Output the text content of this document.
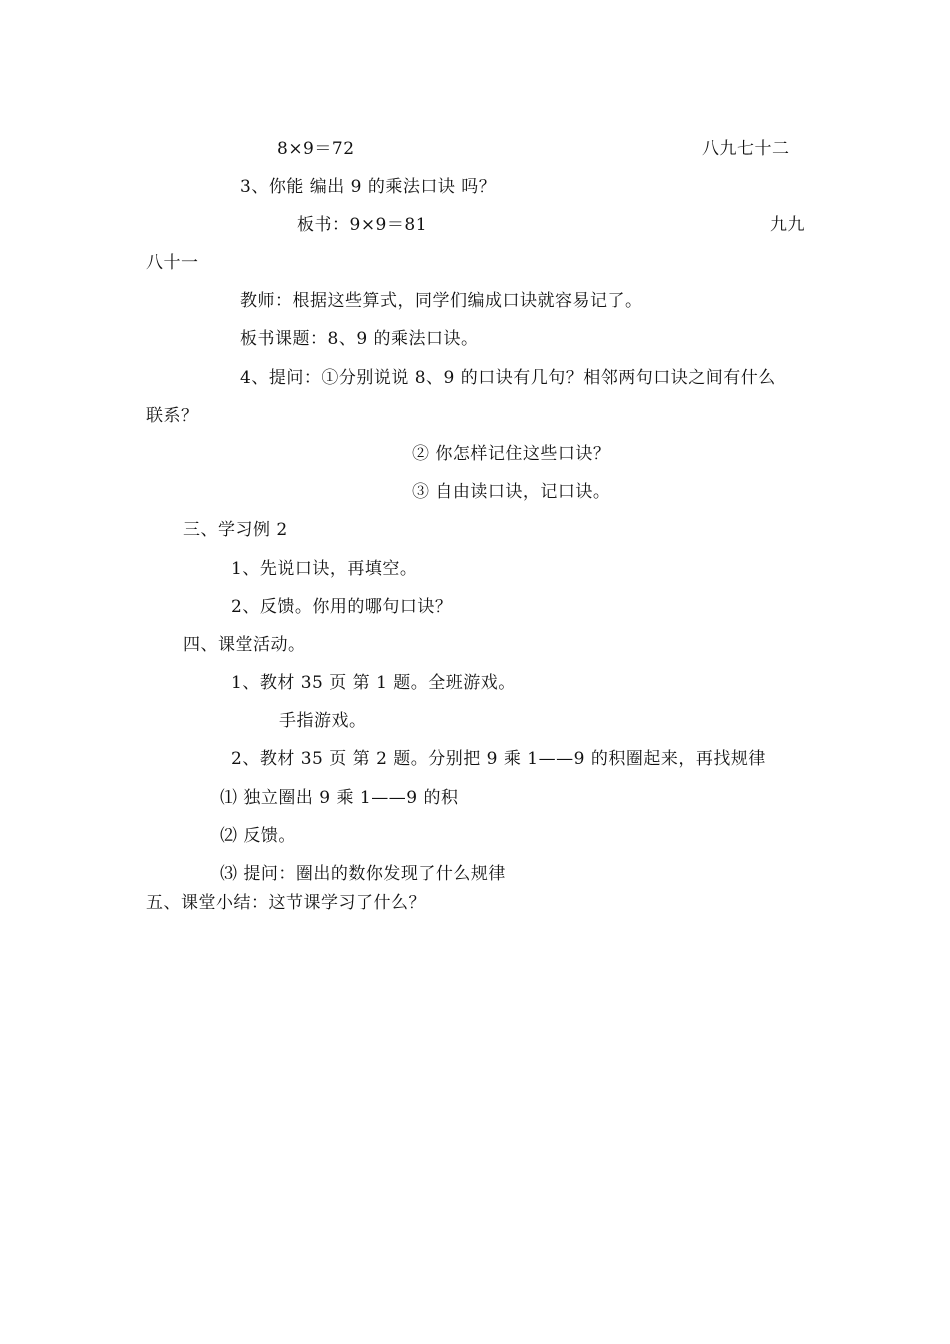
8×9＝72	八九七十二
3、你能 编出 9 的乘法口诀 吗？
板书：9×9＝81	九九
八十一
教师：根据这些算式，同学们编成口诀就容易记了。
板书课题：8、9 的乘法口诀。
4、提问：①分别说说 8、9 的口诀有几句？相邻两句口诀之间有什么
联系？
② 你怎样记住这些口诀？
③ 自由读口诀，记口诀。
三、学习例 2
1、先说口诀，再填空。
2、反馈。你用的哪句口诀？
四、课堂活动。
1、教材 35 页 第 1 题。全班游戏。
手指游戏。
2、教材 35 页 第 2 题。分别把 9 乘 1——9 的积圈起来，再找规律
⑴ 独立圈出 9 乘 1——9 的积
⑵ 反馈。
⑶ 提问：圈出的数你发现了什么规律
五、课堂小结：这节课学习了什么？
